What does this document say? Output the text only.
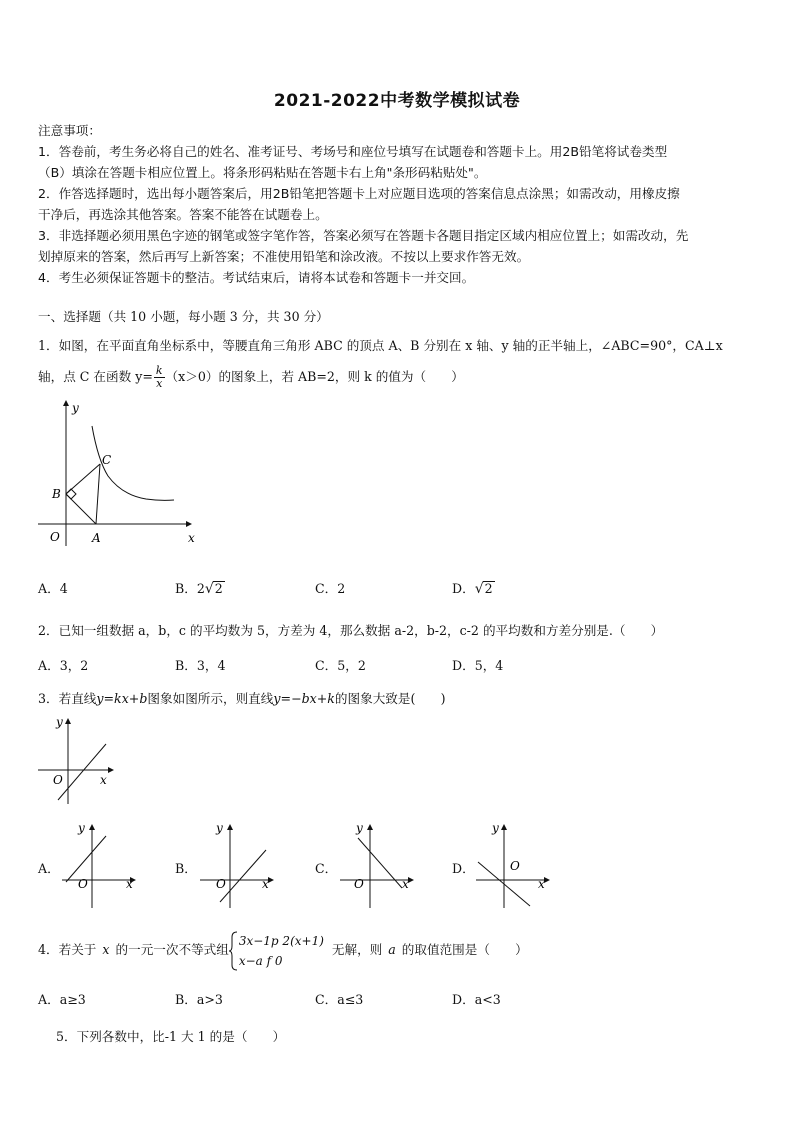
2021-2022中考数学模拟试卷
注意事项：
1．答卷前，考生务必将自己的姓名、准考证号、考场号和座位号填写在试题卷和答题卡上。用2B铅笔将试卷类型
（B）填涂在答题卡相应位置上。将条形码粘贴在答题卡右上角"条形码粘贴处"。
2．作答选择题时，选出每小题答案后，用2B铅笔把答题卡上对应题目选项的答案信息点涂黑；如需改动，用橡皮擦
干净后，再选涂其他答案。答案不能答在试题卷上。
3．非选择题必须用黑色字迹的钢笔或签字笔作答，答案必须写在答题卡各题目指定区域内相应位置上；如需改动，先
划掉原来的答案，然后再写上新答案；不准使用铅笔和涂改液。不按以上要求作答无效。
4．考生必须保证答题卡的整洁。考试结束后，请将本试卷和答题卡一并交回。
一、选择题（共 10 小题，每小题 3 分，共 30 分）
1．如图，在平面直角坐标系中，等腰直角三角形 ABC 的顶点 A、B 分别在 x 轴、y 轴的正半轴上，∠ABC=90°，CA⊥x
轴，点 C 在函数 $y= \frac{k}{x} (x>0)$的图象上，若 AB=2，则 k 的值为（　　）
y
x
O	A
B
C
A．4	B．2√2	C．2	D．√2
2．已知一组数据 a，b，c 的平均数为 5，方差为 4，那么数据 a-2，b-2，c-2 的平均数和方差分别是.（　　）
A．3，2	B．3，4	C．5，2	D．5，4
3．若直线y=kx+b图象如图所示，则直线y=−bx+k的图象大致是(　　)
y
x
O
A．
y
x
O
B．
y
x
O
C．
y
x
O
D．
y
x
O
4．若关于 x 的一元一次不等式组
3x−1p 2(x+1)
x−a f 0
无解，则 a 的取值范围是（　　）
A．a≥3	B．a>3	C．a≤3	D．a<3
5．下列各数中，比-1 大 1 的是（　　）
